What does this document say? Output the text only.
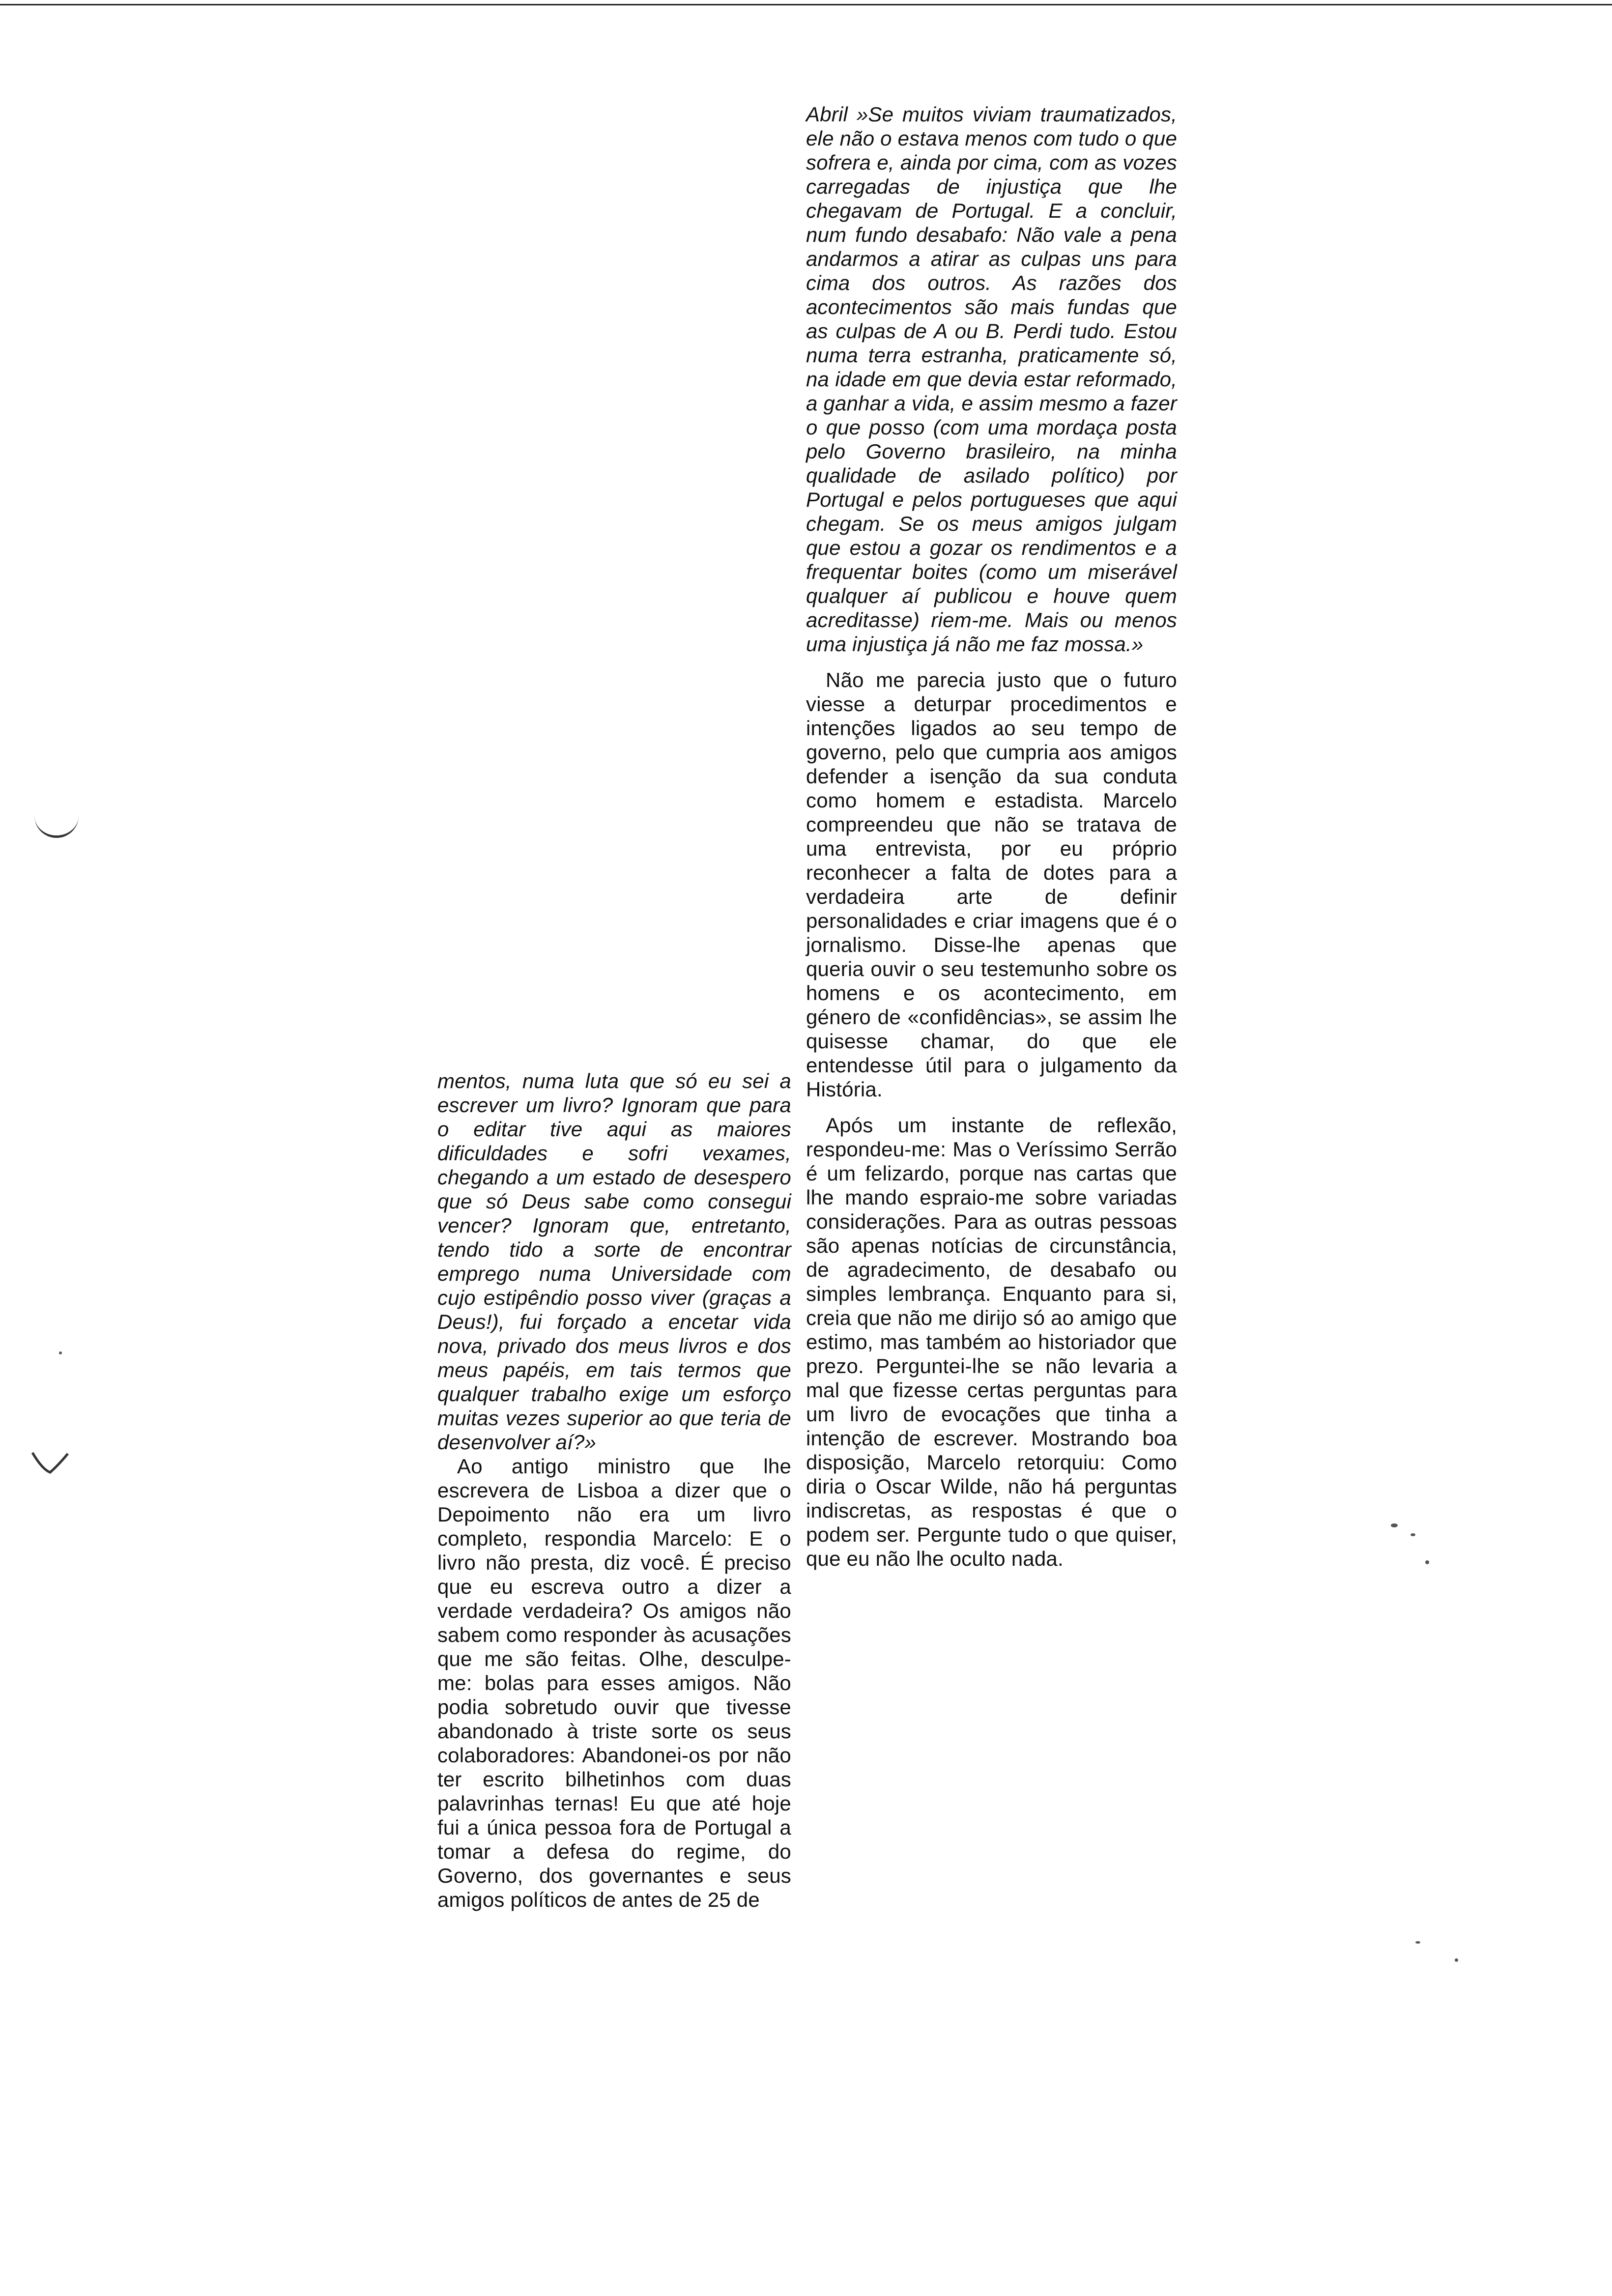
Abril »Se muitos viviam traumatizados, ele não o estava menos com tudo o que sofrera e, ainda por cima, com as vozes carregadas de injustiça que lhe chegavam de Portugal. E a concluir, num fundo desabafo: Não vale a pena andarmos a atirar as culpas uns para cima dos outros. As razões dos acontecimentos são mais fundas que as culpas de A ou B. Perdi tudo. Estou numa terra estranha, praticamente só, na idade em que devia estar reformado, a ganhar a vida, e assim mesmo a fazer o que posso (com uma mordaça posta pelo Governo brasileiro, na minha qualidade de asilado político) por Portugal e pelos portugueses que aqui chegam. Se os meus amigos julgam que estou a gozar os rendimentos e a frequentar boites (como um miserável qualquer aí publicou e houve quem acreditasse) riem-me. Mais ou menos uma injustiça já não me faz mossa.»

Não me parecia justo que o futuro viesse a deturpar procedimentos e intenções ligados ao seu tempo de governo, pelo que cumpria aos amigos defender a isenção da sua conduta como homem e estadista. Marcelo compreendeu que não se tratava de uma entrevista, por eu próprio reconhecer a falta de dotes para a verdadeira arte de definir personalidades e criar imagens que é o jornalismo. Disse-lhe apenas que queria ouvir o seu testemunho sobre os homens e os acontecimento, em género de «confidências», se assim lhe quisesse chamar, do que ele entendesse útil para o julgamento da História.

Após um instante de reflexão, respondeu-me: Mas o Veríssimo Serrão é um felizardo, porque nas cartas que lhe mando espraio-me sobre variadas considerações. Para as outras pessoas são apenas notícias de circunstância, de agradecimento, de desabafo ou simples lembrança. Enquanto para si, creia que não me dirijo só ao amigo que estimo, mas também ao historiador que prezo. Perguntei-lhe se não levaria a mal que fizesse certas perguntas para um livro de evocações que tinha a intenção de escrever. Mostrando boa disposição, Marcelo retorquiu: Como diria o Oscar Wilde, não há perguntas indiscretas, as respostas é que o podem ser. Pergunte tudo o que quiser, que eu não lhe oculto nada.

mentos, numa luta que só eu sei a escrever um livro? Ignoram que para o editar tive aqui as maiores dificuldades e sofri vexames, chegando a um estado de desespero que só Deus sabe como consegui vencer? Ignoram que, entretanto, tendo tido a sorte de encontrar emprego numa Universidade com cujo estipêndio posso viver (graças a Deus!), fui forçado a encetar vida nova, privado dos meus livros e dos meus papéis, em tais termos que qualquer trabalho exige um esforço muitas vezes superior ao que teria de desenvolver aí?»

Ao antigo ministro que lhe escrevera de Lisboa a dizer que o Depoimento não era um livro completo, respondia Marcelo: E o livro não presta, diz você. É preciso que eu escreva outro a dizer a verdade verdadeira? Os amigos não sabem como responder às acusações que me são feitas. Olhe, desculpe-me: bolas para esses amigos. Não podia sobretudo ouvir que tivesse abandonado à triste sorte os seus colaboradores: Abandonei-os por não ter escrito bilhetinhos com duas palavrinhas ternas! Eu que até hoje fui a única pessoa fora de Portugal a tomar a defesa do regime, do Governo, dos governantes e seus amigos políticos de antes de 25 de
